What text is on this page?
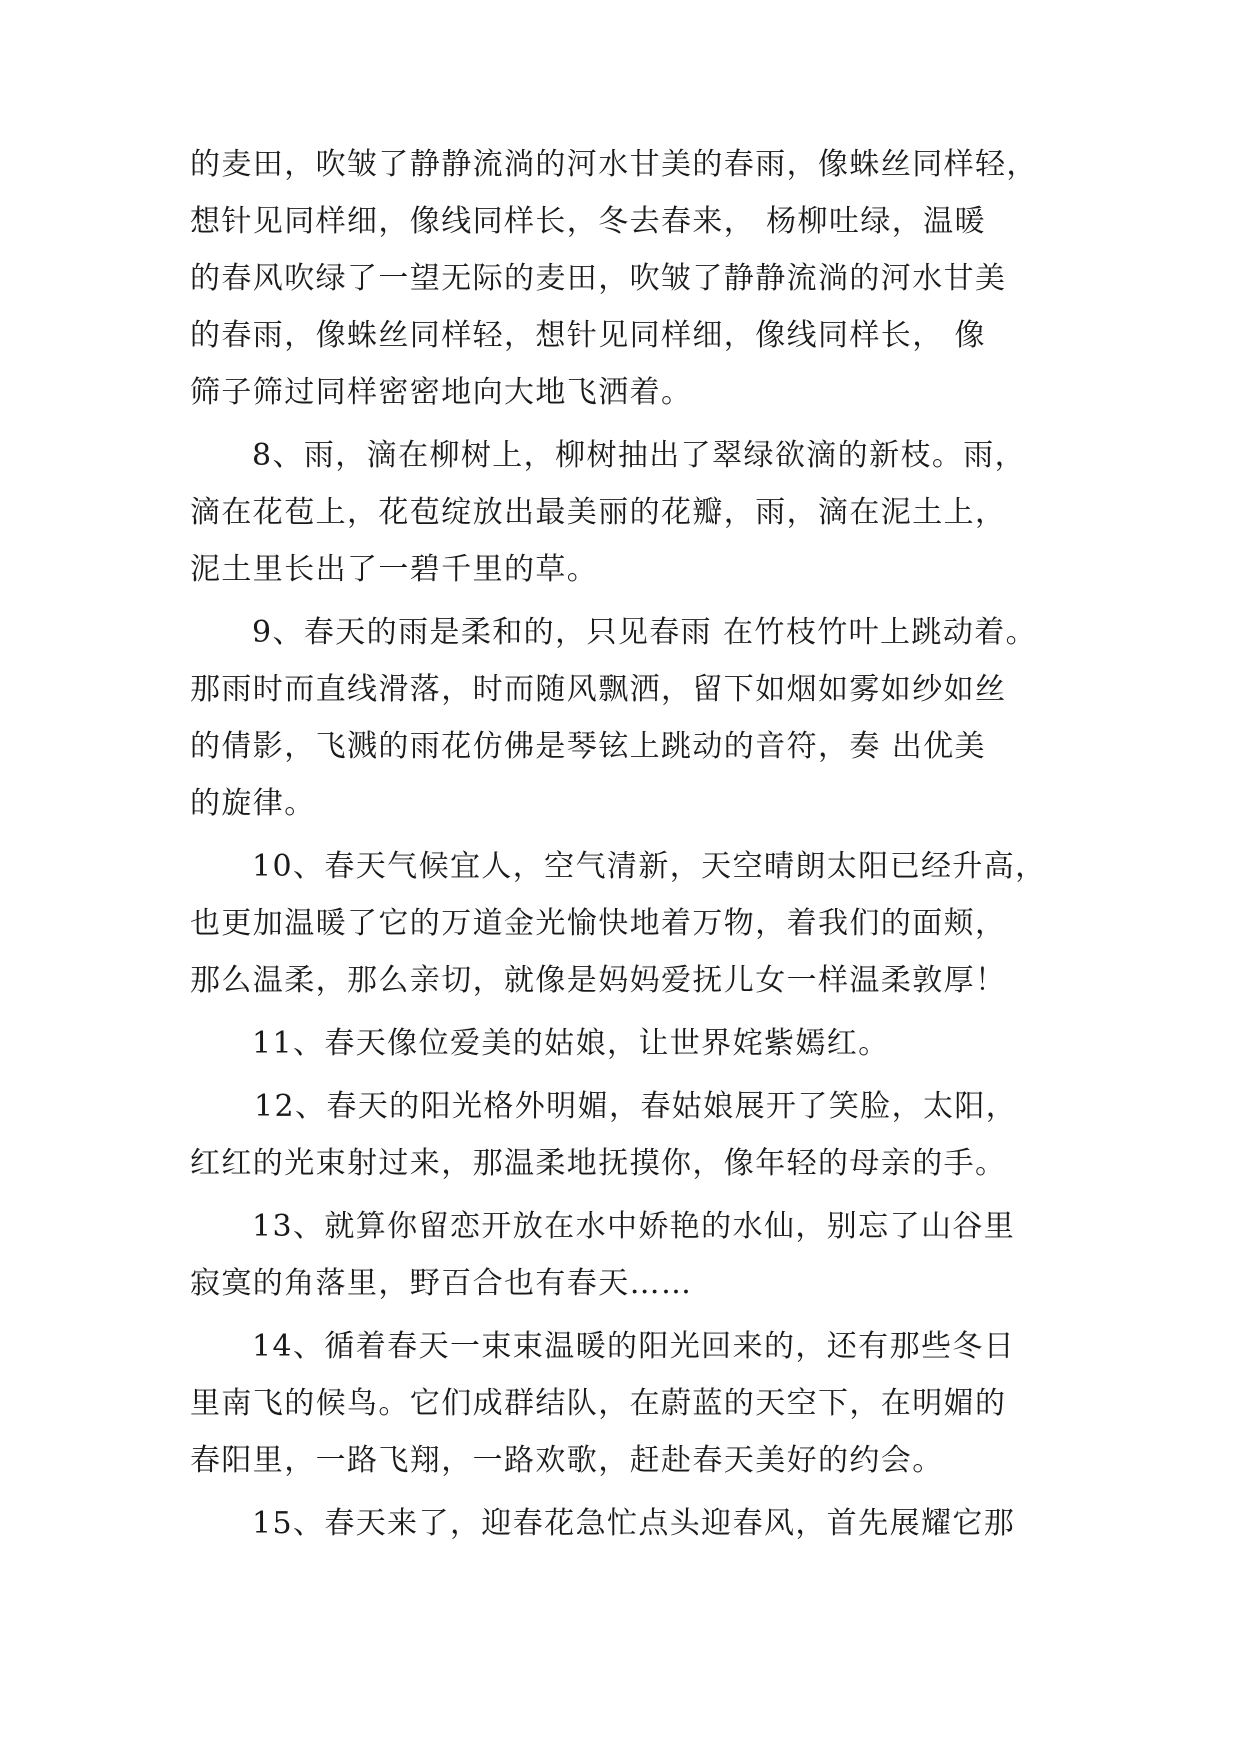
的麦田，吹皱了静静流淌的河水甘美的春雨，像蛛丝同样轻，
想针见同样细，像线同样长，冬去春来， 杨柳吐绿，温暖
的春风吹绿了一望无际的麦田，吹皱了静静流淌的河水甘美
的春雨，像蛛丝同样轻，想针见同样细，像线同样长， 像
筛子筛过同样密密地向大地飞洒着。
8、雨，滴在柳树上，柳树抽出了翠绿欲滴的新枝。雨，
滴在花苞上，花苞绽放出最美丽的花瓣，雨，滴在泥土上，
泥土里长出了一碧千里的草。
9、春天的雨是柔和的，只见春雨 在竹枝竹叶上跳动着。
那雨时而直线滑落，时而随风飘洒，留下如烟如雾如纱如丝
的倩影，飞溅的雨花仿佛是琴铉上跳动的音符，奏 出优美
的旋律。
10、春天气候宜人，空气清新，天空晴朗太阳已经升高，
也更加温暖了它的万道金光愉快地着万物，着我们的面颊，
那么温柔，那么亲切，就像是妈妈爱抚儿女一样温柔敦厚！
11、春天像位爱美的姑娘，让世界姹紫嫣红。
12、春天的阳光格外明媚，春姑娘展开了笑脸，太阳，
红红的光束射过来，那温柔地抚摸你，像年轻的母亲的手。
13、就算你留恋开放在水中娇艳的水仙，别忘了山谷里
寂寞的角落里，野百合也有春天……
14、循着春天一束束温暖的阳光回来的，还有那些冬日
里南飞的候鸟。它们成群结队，在蔚蓝的天空下，在明媚的
春阳里，一路飞翔，一路欢歌，赶赴春天美好的约会。
15、春天来了，迎春花急忙点头迎春风，首先展耀它那
